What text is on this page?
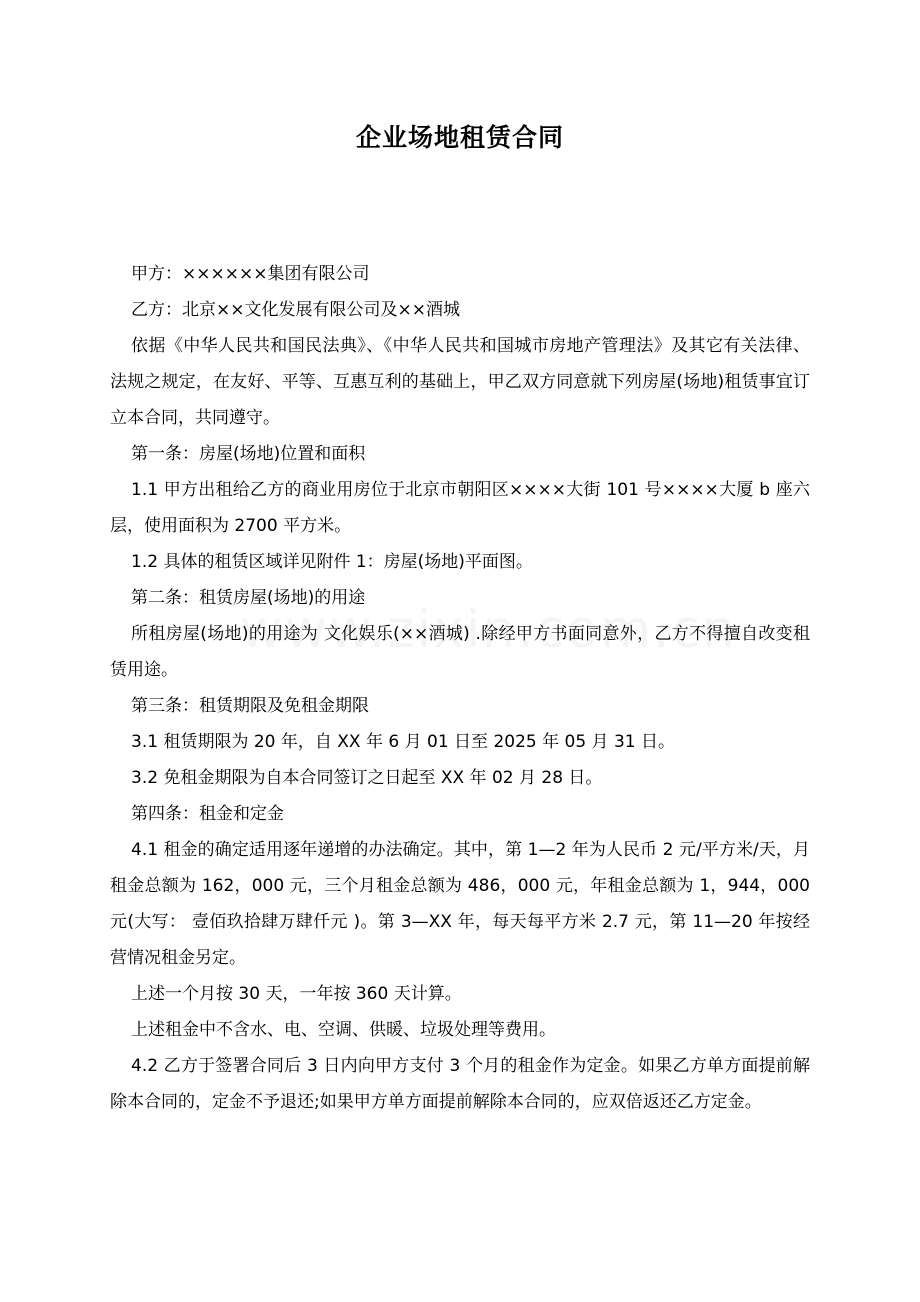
企业场地租赁合同

甲方：××××××集团有限公司

乙方：北京××文化发展有限公司及××酒城

依据《中华人民共和国民法典》、《中华人民共和国城市房地产管理法》及其它有关法律、法规之规定，在友好、平等、互惠互利的基础上，甲乙双方同意就下列房屋(场地)租赁事宜订立本合同，共同遵守。

第一条：房屋(场地)位置和面积

1.1 甲方出租给乙方的商业用房位于北京市朝阳区××××大街 101 号××××大厦 b 座六层，使用面积为 2700 平方米。

1.2 具体的租赁区域详见附件 1：房屋(场地)平面图。

第二条：租赁房屋(场地)的用途

所租房屋(场地)的用途为 文化娱乐(××酒城) .除经甲方书面同意外，乙方不得擅自改变租赁用途。

第三条：租赁期限及免租金期限

3.1 租赁期限为 20 年，自 XX 年 6 月 01 日至 2025 年 05 月 31 日。

3.2 免租金期限为自本合同签订之日起至 XX 年 02 月 28 日。

第四条：租金和定金

4.1 租金的确定适用逐年递增的办法确定。其中，第 1—2 年为人民币 2 元/平方米/天，月租金总额为 162，000 元，三个月租金总额为 486，000 元，年租金总额为 1，944，000 元(大写： 壹佰玖拾肆万肆仟元 )。第 3—XX 年，每天每平方米 2.7 元，第 11—20 年按经营情况租金另定。

上述一个月按 30 天，一年按 360 天计算。

上述租金中不含水、电、空调、供暖、垃圾处理等费用。

4.2 乙方于签署合同后 3 日内向甲方支付 3 个月的租金作为定金。如果乙方单方面提前解除本合同的，定金不予退还;如果甲方单方面提前解除本合同的，应双倍返还乙方定金。
